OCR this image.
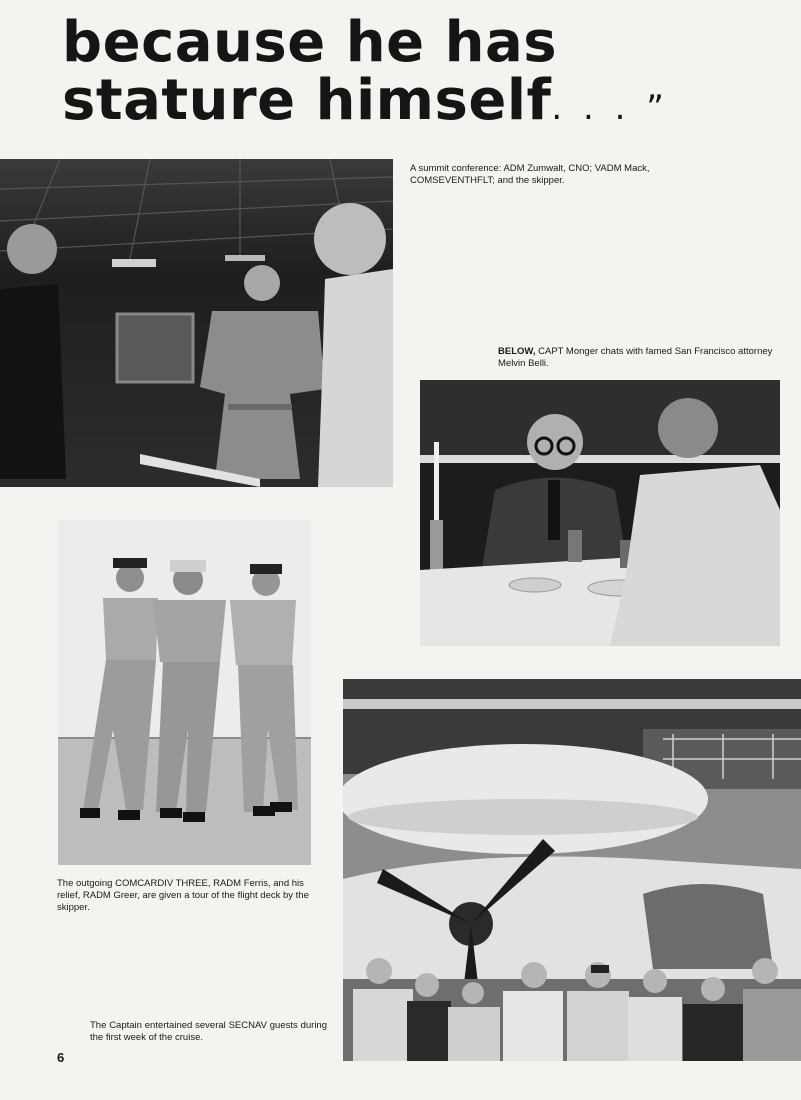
because he has
stature himself. . . ”
A summit conference: ADM Zumwalt, CNO; VADM Mack, COMSEVENTHFLT; and the skipper.
BELOW, CAPT Monger chats with famed San Francisco attorney Melvin Belli.
The outgoing COMCARDIV THREE, RADM Ferris, and his relief, RADM Greer, are given a tour of the flight deck by the skipper.
The Captain entertained several SECNAV guests during the first week of the cruise.
6
